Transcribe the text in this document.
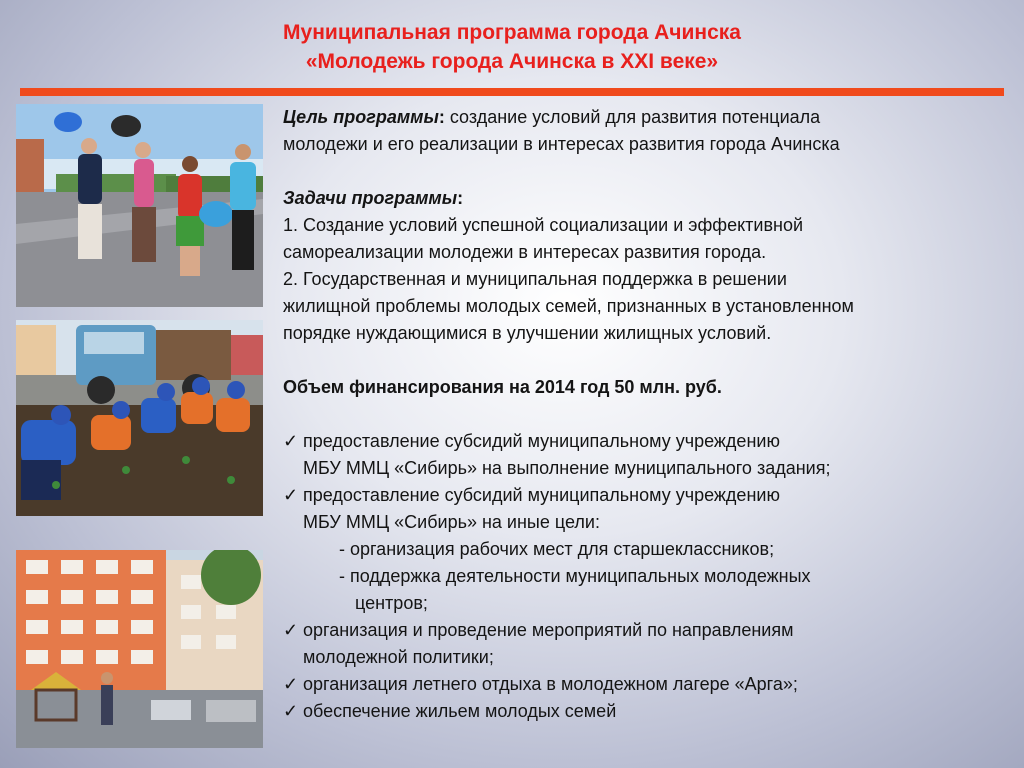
Муниципальная программа города Ачинска
«Молодежь города Ачинска в XXI веке»
Цель программы: создание условий для развития потенциала
молодежи и его реализации в интересах развития города Ачинска
Задачи программы:
1. Создание условий успешной социализации и эффективной
самореализации молодежи в интересах развития города.
2. Государственная и муниципальная поддержка в решении
жилищной проблемы молодых семей, признанных в установленном
порядке нуждающимися в улучшении жилищных условий.
Объем финансирования на 2014 год 50 млн. руб.
✓ предоставление субсидий муниципальному учреждению
МБУ ММЦ «Сибирь» на выполнение муниципального задания;
✓ предоставление субсидий муниципальному учреждению
МБУ ММЦ «Сибирь» на иные цели:
- организация рабочих мест для старшеклассников;
- поддержка деятельности муниципальных молодежных
центров;
✓ организация и проведение мероприятий по направлениям
молодежной политики;
✓ организация летнего отдыха в молодежном лагере «Арга»;
✓ обеспечение жильем молодых семей
